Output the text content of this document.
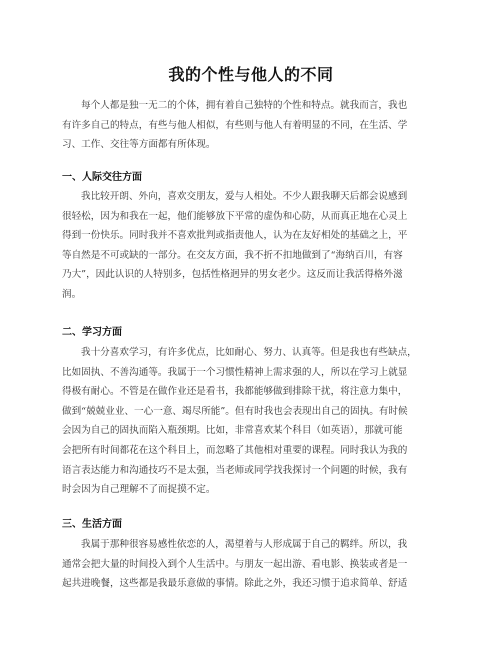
我的个性与他人的不同
每个人都是独一无二的个体，拥有着自己独特的个性和特点。就我而言，我也
有许多自己的特点，有些与他人相似，有些则与他人有着明显的不同，在生活、学
习、工作、交往等方面都有所体现。
一、人际交往方面
我比较开朗、外向，喜欢交朋友，爱与人相处。不少人跟我聊天后都会说感到
很轻松，因为和我在一起，他们能够放下平常的虚伪和心防，从而真正地在心灵上
得到一份快乐。同时我并不喜欢批判或指责他人，认为在友好相处的基础之上，平
等自然是不可或缺的一部分。在交友方面，我不折不扣地做到了“海纳百川，有容
乃大”，因此认识的人特别多，包括性格迥异的男女老少。这反而让我活得格外滋
润。
二、学习方面
我十分喜欢学习，有许多优点，比如耐心、努力、认真等。但是我也有些缺点，
比如固执、不善沟通等。我属于一个习惯性精神上需求强的人，所以在学习上就显
得极有耐心。不管是在做作业还是看书，我都能够做到排除干扰，将注意力集中，
做到“兢兢业业、一心一意、竭尽所能”。但有时我也会表现出自己的固执。有时候
会因为自己的固执而陷入瓶颈期。比如，非常喜欢某个科目（如英语），那就可能
会把所有时间都花在这个科目上，而忽略了其他相对重要的课程。同时我认为我的
语言表达能力和沟通技巧不是太强，当老师或同学找我探讨一个问题的时候，我有
时会因为自己理解不了而捉摸不定。
三、生活方面
我属于那种很容易感性依恋的人，渴望着与人形成属于自己的羁绊。所以，我
通常会把大量的时间投入到个人生活中。与朋友一起出游、看电影、换装或者是一
起共进晚餐，这些都是我最乐意做的事情。除此之外，我还习惯于追求简单、舒适
